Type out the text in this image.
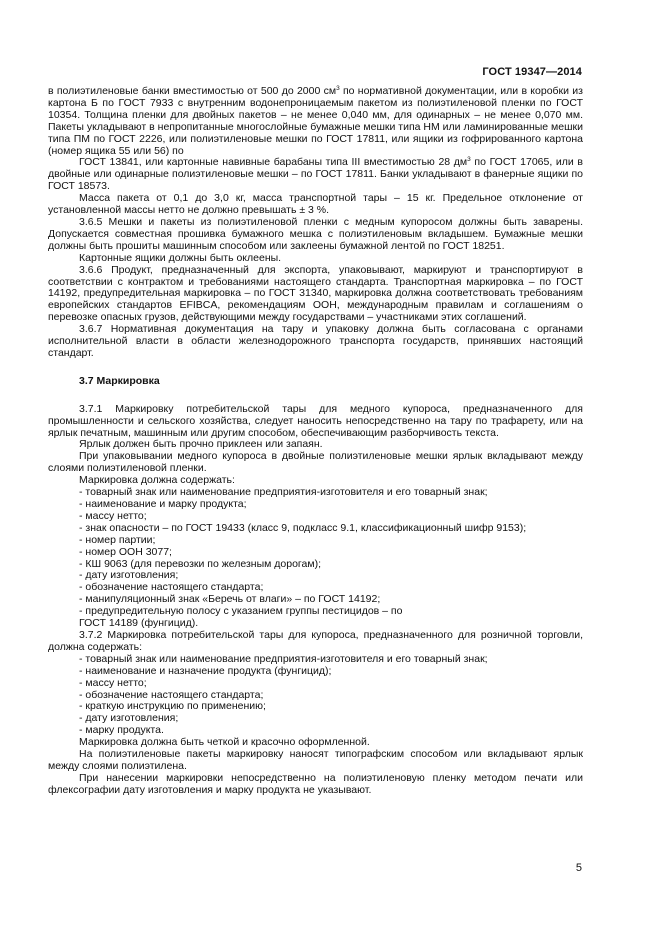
ГОСТ 19347—2014

в полиэтиленовые банки вместимостью от 500 до 2000 $см^3$ по нормативной документации, или в коробки из картона Б по ГОСТ 7933 с внутренним водонепроницаемым пакетом из полиэтиленовой пленки по ГОСТ 10354. Толщина пленки для двойных пакетов – не менее 0,040 мм, для одинарных – не менее 0,070 мм. Пакеты укладывают в непропитанные многослойные бумажные мешки типа НМ или ламинированные мешки типа ПМ по ГОСТ 2226, или полиэтиленовые мешки по ГОСТ 17811, или ящики из гофрированного картона (номер ящика 55 или 56) по

ГОСТ 13841, или картонные навивные барабаны типа III вместимостью 28 $дм^3$ по ГОСТ 17065, или в двойные или одинарные полиэтиленовые мешки – по ГОСТ 17811. Банки укладывают в фанерные ящики по ГОСТ 18573.

Масса пакета от 0,1 до 3,0 кг, масса транспортной тары – 15 кг. Предельное отклонение от установленной массы нетто не должно превышать ± 3 %.

3.6.5 Мешки и пакеты из полиэтиленовой пленки с медным купоросом должны быть заварены. Допускается совместная прошивка бумажного мешка с полиэтиленовым вкладышем. Бумажные мешки должны быть прошиты машинным способом или заклеены бумажной лентой по ГОСТ 18251.

Картонные ящики должны быть оклеены.

3.6.6 Продукт, предназначенный для экспорта, упаковывают, маркируют и транспортируют в соответствии с контрактом и требованиями настоящего стандарта. Транспортная маркировка – по ГОСТ 14192, предупредительная маркировка – по ГОСТ 31340, маркировка должна соответствовать требованиям европейских стандартов EFIBCA, рекомендациям ООН, международным правилам и соглашениям о перевозке опасных грузов, действующими между государствами – участниками этих соглашений.

3.6.7 Нормативная документация на тару и упаковку должна быть согласована с органами исполнительной власти в области железнодорожного транспорта государств, принявших настоящий стандарт.

3.7 Маркировка

3.7.1 Маркировку потребительской тары для медного купороса, предназначенного для промышленности и сельского хозяйства, следует наносить непосредственно на тару по трафарету, или на ярлык печатным, машинным или другим способом, обеспечивающим разборчивость текста.

Ярлык должен быть прочно приклеен или запаян.

При упаковывании медного купороса в двойные полиэтиленовые мешки ярлык вкладывают между слоями полиэтиленовой пленки.

Маркировка должна содержать:

- товарный знак или наименование предприятия-изготовителя и его товарный знак;
- наименование и марку продукта;
- массу нетто;
- знак опасности – по ГОСТ 19433 (класс 9, подкласс 9.1, классификационный шифр 9153);
- номер партии;
- номер ООН 3077;
- КШ 9063 (для перевозки по железным дорогам);
- дату изготовления;
- обозначение настоящего стандарта;
- манипуляционный знак «Беречь от влаги» – по ГОСТ 14192;
- предупредительную полосу с указанием группы пестицидов – по
ГОСТ 14189 (фунгицид).

3.7.2 Маркировка потребительской тары для купороса, предназначенного для розничной торговли, должна содержать:

- товарный знак или наименование предприятия-изготовителя и его товарный знак;
- наименование и назначение продукта (фунгицид);
- массу нетто;
- обозначение настоящего стандарта;
- краткую инструкцию по применению;
- дату изготовления;
- марку продукта.

Маркировка должна быть четкой и красочно оформленной.

На полиэтиленовые пакеты маркировку наносят типографским способом или вкладывают ярлык между слоями полиэтилена.

При нанесении маркировки непосредственно на полиэтиленовую пленку методом печати или флексографии дату изготовления и марку продукта не указывают.

5
